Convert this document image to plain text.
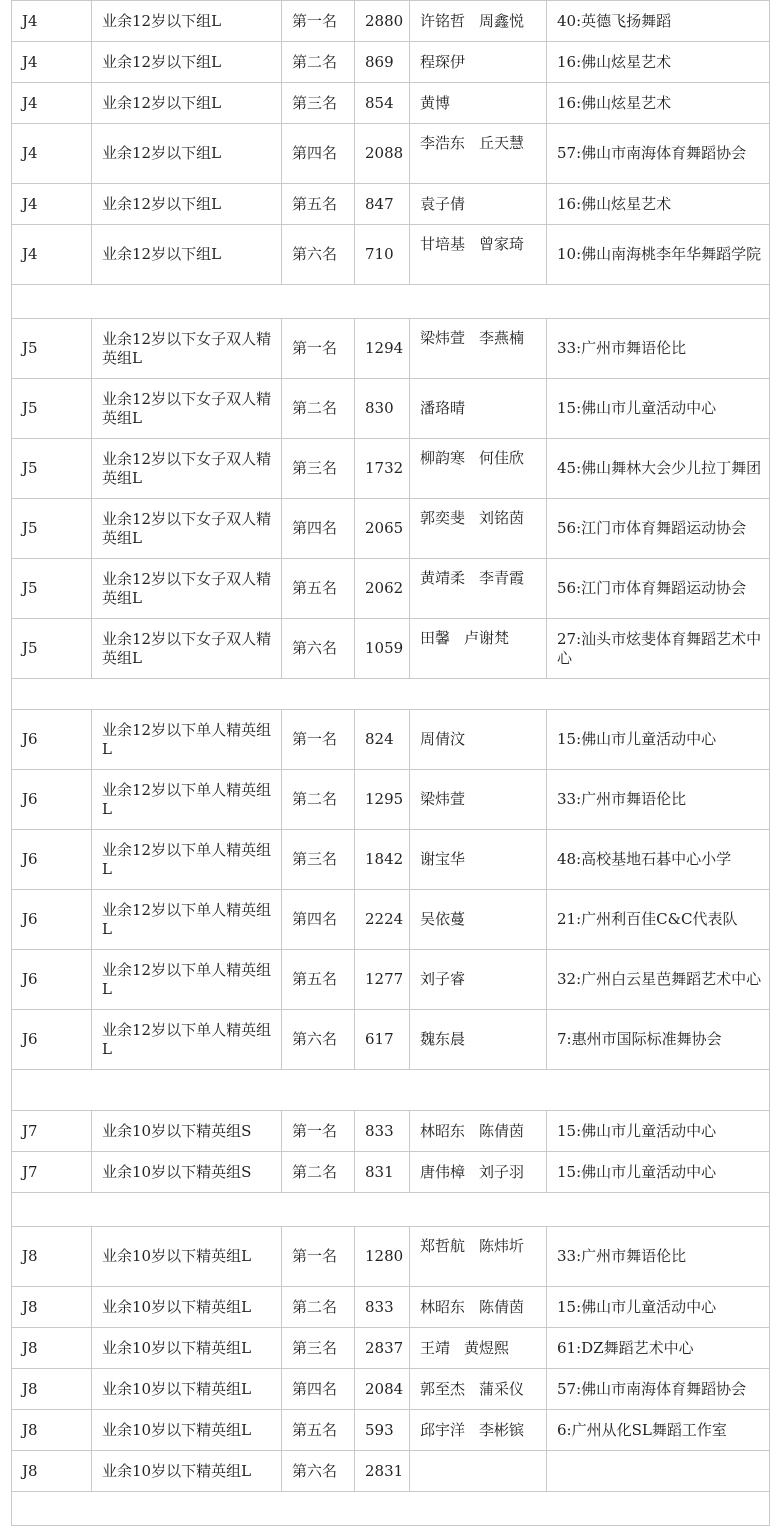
J4	业余12岁以下组L	第一名	2880	许铭哲 周鑫悦	40:英德飞扬舞蹈
J4	业余12岁以下组L	第二名	869	程琛伊	16:佛山炫星艺术
J4	业余12岁以下组L	第三名	854	黄博	16:佛山炫星艺术
J4	业余12岁以下组L	第四名	2088	李浩东 丘天慧	57:佛山市南海体育舞蹈协会
J4	业余12岁以下组L	第五名	847	袁子倩	16:佛山炫星艺术
J4	业余12岁以下组L	第六名	710	甘培基 曾家琦	10:佛山南海桃李年华舞蹈学院

J5	业余12岁以下女子双人精英组L	第一名	1294	梁炜萱 李燕楠	33:广州市舞语伦比
J5	业余12岁以下女子双人精英组L	第二名	830	潘珞晴	15:佛山市儿童活动中心
J5	业余12岁以下女子双人精英组L	第三名	1732	柳韵寒 何佳欣	45:佛山舞林大会少儿拉丁舞团
J5	业余12岁以下女子双人精英组L	第四名	2065	郭奕斐 刘铭茵	56:江门市体育舞蹈运动协会
J5	业余12岁以下女子双人精英组L	第五名	2062	黄靖柔 李青霞	56:江门市体育舞蹈运动协会
J5	业余12岁以下女子双人精英组L	第六名	1059	田馨 卢谢梵	27:汕头市炫斐体育舞蹈艺术中心

J6	业余12岁以下单人精英组L	第一名	824	周倩汶	15:佛山市儿童活动中心
J6	业余12岁以下单人精英组L	第二名	1295	梁炜萱	33:广州市舞语伦比
J6	业余12岁以下单人精英组L	第三名	1842	谢宝华	48:高校基地石碁中心小学
J6	业余12岁以下单人精英组L	第四名	2224	吴依蔓	21:广州利百佳C&C代表队
J6	业余12岁以下单人精英组L	第五名	1277	刘子睿	32:广州白云星芭舞蹈艺术中心
J6	业余12岁以下单人精英组L	第六名	617	魏东晨	7:惠州市国际标准舞协会

J7	业余10岁以下精英组S	第一名	833	林昭东 陈倩茵	15:佛山市儿童活动中心
J7	业余10岁以下精英组S	第二名	831	唐伟樟 刘子羽	15:佛山市儿童活动中心

J8	业余10岁以下精英组L	第一名	1280	郑哲航 陈炜圻	33:广州市舞语伦比
J8	业余10岁以下精英组L	第二名	833	林昭东 陈倩茵	15:佛山市儿童活动中心
J8	业余10岁以下精英组L	第三名	2837	王靖 黄煜熙	61:DZ舞蹈艺术中心
J8	业余10岁以下精英组L	第四名	2084	郭至杰 蒲采仪	57:佛山市南海体育舞蹈协会
J8	业余10岁以下精英组L	第五名	593	邱宇洋 李彬镔	6:广州从化SL舞蹈工作室
J8	业余10岁以下精英组L	第六名	2831		
